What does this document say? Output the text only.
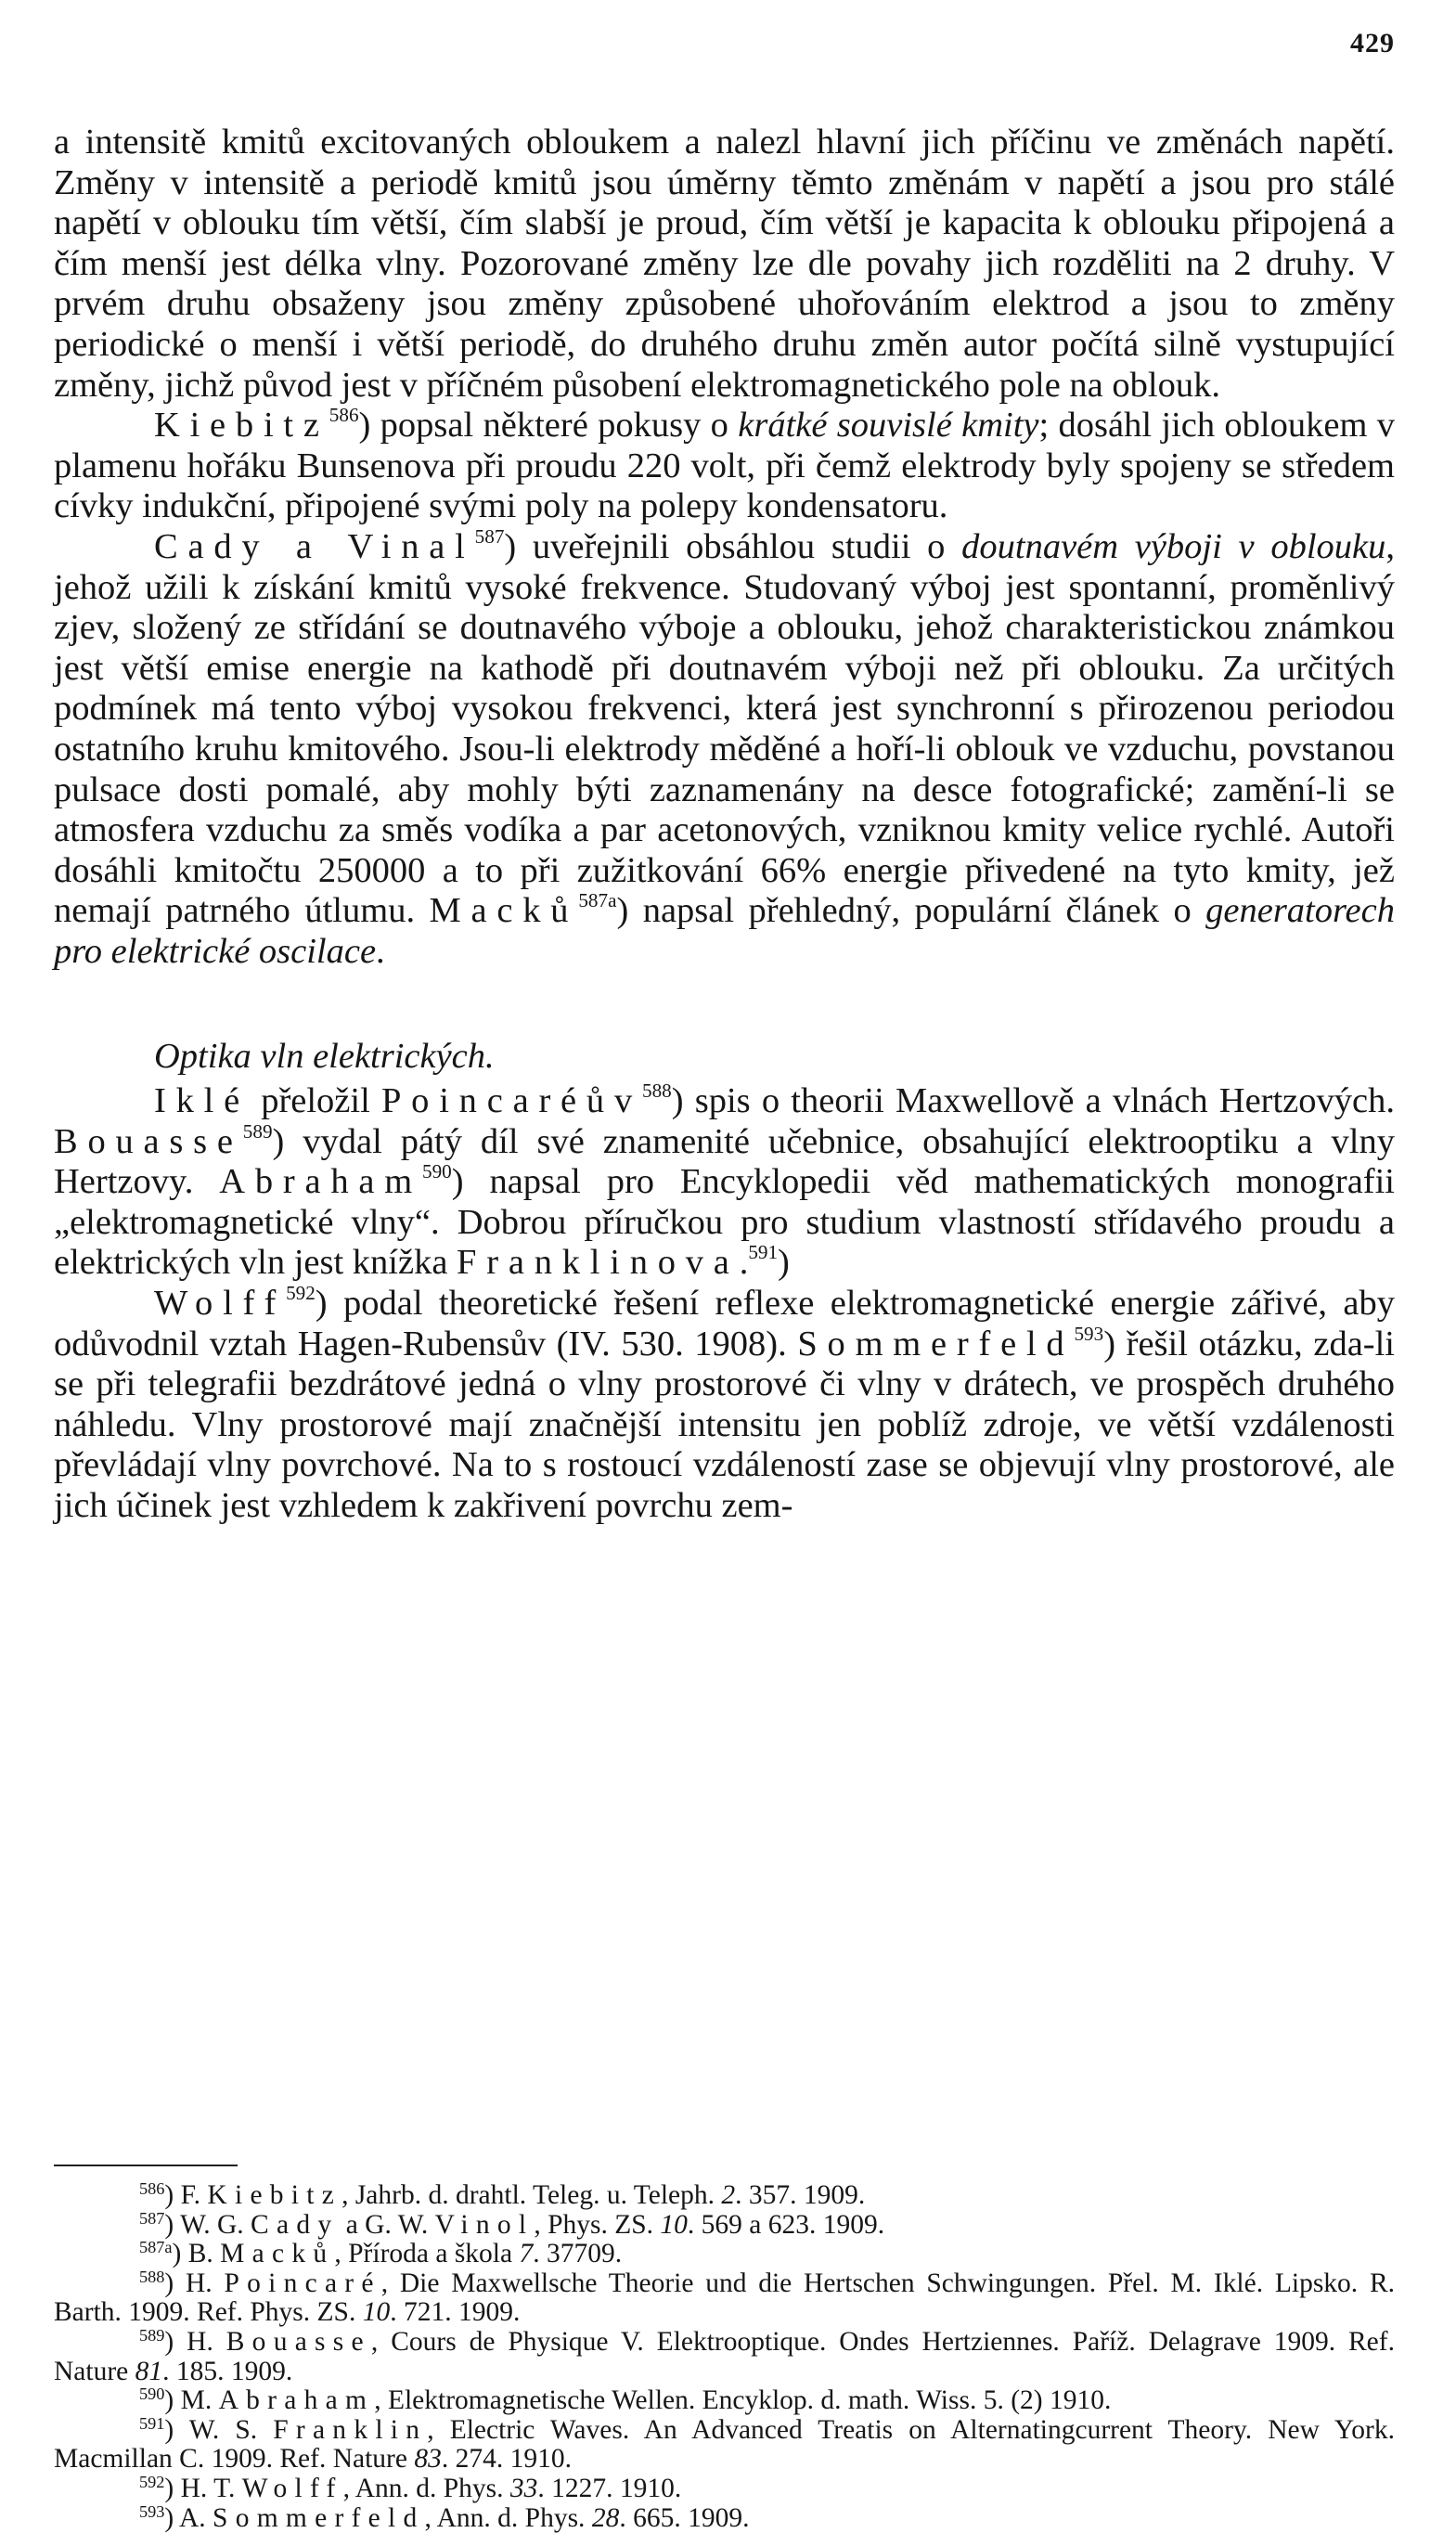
429

a intensitě kmitů excitovaných obloukem a nalezl hlavní jich příčinu ve změnách napětí. Změny v intensitě a periodě kmitů jsou úměrny těmto změnám v napětí a jsou pro stálé napětí v oblouku tím větší, čím slabší je proud, čím větší je kapacita k oblouku připojená a čím menší jest délka vlny. Pozorované změny lze dle povahy jich rozděliti na 2 druhy. V prvém druhu obsaženy jsou změny způsobené uhořováním elektrod a jsou to změny periodické o menší i větší periodě, do druhého druhu změn autor počítá silně vystupující změny, jichž původ jest v příčném působení elektromagnetického pole na oblouk.

Kiebitz$^{586}$) popsal některé pokusy o krátké souvislé kmity; dosáhl jich obloukem v plamenu hořáku Bunsenova při proudu 220 volt, při čemž elektrody byly spojeny se středem cívky indukční, připojené svými poly na polepy kondensatoru.

Cady a Vinal$^{587}$) uveřejnili obsáhlou studii o doutnavém výboji v oblouku, jehož užili k získání kmitů vysoké frekvence. Studovaný výboj jest spontanní, proměnlivý zjev, složený ze střídání se doutnavého výboje a oblouku, jehož charakteristickou známkou jest větší emise energie na kathodě při doutnavém výboji než při oblouku. Za určitých podmínek má tento výboj vysokou frekvenci, která jest synchronní s přirozenou periodou ostatního kruhu kmitového. Jsou-li elektrody měděné a hoří-li oblouk ve vzduchu, povstanou pulsace dosti pomalé, aby mohly býti zaznamenány na desce fotografické; zamění-li se atmosfera vzduchu za směs vodíka a par acetonových, vzniknou kmity velice rychlé. Autoři dosáhli kmitočtu 250000 a to při zužitkování 66% energie přivedené na tyto kmity, jež nemají patrného útlumu. Macků$^{587a}$) napsal přehledný, populární článek o generatorech pro elektrické oscilace.

Optika vln elektrických.

Iklé přeložil Poincaréův$^{588}$) spis o theorii Maxwellově a vlnách Hertzových. Bouasse$^{589}$) vydal pátý díl své znamenité učebnice, obsahující elektrooptiku a vlny Hertzovy. Abraham$^{590}$) napsal pro Encyklopedii věd mathematických monografii „elektromagnetické vlny“. Dobrou příručkou pro studium vlastností střídavého proudu a elektrických vln jest knížka Franklinova.$^{591}$)

Wolff$^{592}$) podal theoretické řešení reflexe elektromagnetické energie zářivé, aby odůvodnil vztah Hagen-Rubensův (IV. 530. 1908). Sommerfeld$^{593}$) řešil otázku, zda-li se při telegrafii bezdrátové jedná o vlny prostorové či vlny v drátech, ve prospěch druhého náhledu. Vlny prostorové mají značnější intensitu jen poblíž zdroje, ve větší vzdálenosti převládají vlny povrchové. Na to s rostoucí vzdáleností zase se objevují vlny prostorové, ale jich účinek jest vzhledem k zakřivení povrchu zem-

$^{586}$) F. Kiebitz, Jahrb. d. drahtl. Teleg. u. Teleph. 2. 357. 1909.

$^{587}$) W. G. Cady a G. W. Vinol, Phys. ZS. 10. 569 a 623. 1909.

$^{587a}$) B. Macků, Příroda a škola 7. 37709.

$^{588}$) H. Poincaré, Die Maxwellsche Theorie und die Hertschen Schwingungen. Přel. M. Iklé. Lipsko. R. Barth. 1909. Ref. Phys. ZS. 10. 721. 1909.

$^{589}$) H. Bouasse, Cours de Physique V. Elektrooptique. Ondes Hertziennes. Paříž. Delagrave 1909. Ref. Nature 81. 185. 1909.

$^{590}$) M. Abraham, Elektromagnetische Wellen. Encyklop. d. math. Wiss. 5. (2) 1910.

$^{591}$) W. S. Franklin, Electric Waves. An Advanced Treatis on Alternatingcurrent Theory. New York. Macmillan C. 1909. Ref. Nature 83. 274. 1910.

$^{592}$) H. T. Wolff, Ann. d. Phys. 33. 1227. 1910.

$^{593}$) A. Sommerfeld, Ann. d. Phys. 28. 665. 1909.
